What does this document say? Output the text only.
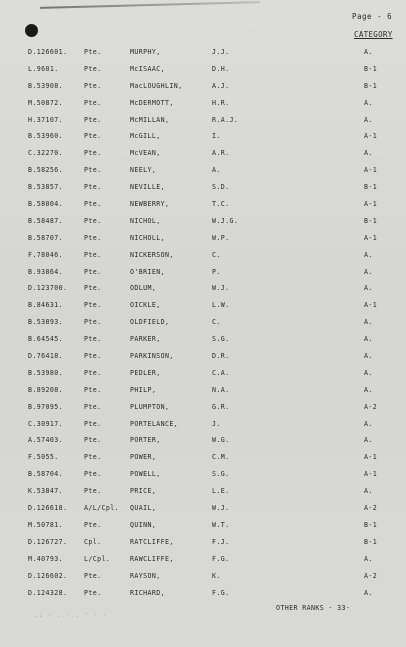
Page - 6
CATEGORY
D.126601.	Pte.	MURPHY,	J.J.	A.
L.9601.	Pte.	McISAAC,	D.H.	B-1
B.53908.	Pte.	MacLOUGHLIN,	A.J.	B-1
M.50872.	Pte.	McDERMOTT,	H.R.	A.
H.37107.	Pte.	McMILLAN,	R.A.J.	A.
B.53960.	Pte.	McGILL,	I.	A-1
C.32270.	Pte.	McVEAN,	A.R.	A.
B.58256.	Pte.	NEELY,	A.	A-1
B.53857.	Pte.	NEVILLE,	S.D.	B-1
B.58004.	Pte.	NEWBERRY,	T.C.	A-1
B.58487.	Pte.	NICHOL,	W.J.G.	B-1
B.58707.	Pte.	NICHOLL,	W.P.	A-1
F.78046.	Pte.	NICKERSON,	C.	A.
B.93864.	Pte.	O'BRIEN,	P.	A.
D.123700.	Pte.	ODLUM,	W.J.	A.
B.84631.	Pte.	OICKLE,	L.W.	A-1
B.53893.	Pte.	OLDFIELD,	C.	A.
B.64545.	Pte.	PARKER,	S.G.	A.
D.76418.	Pte.	PARKINSON,	D.R.	A.
B.53980.	Pte.	PEDLER,	C.A.	A.
B.89208.	Pte.	PHILP,	N.A.	A.
B.97095.	Pte.	PLUMPTON,	G.R.	A-2
C.30917.	Pte.	PORTELANCE,	J.	A.
A.57403.	Pte.	PORTER,	W.G.	A.
F.5055.	Pte.	POWER,	C.M.	A-1
B.58704.	Pte.	POWELL,	S.G.	A-1
K.53847.	Pte.	PRICE,	L.E.	A.
D.126618.	A/L/Cpl. QUAIL,	W.J.	A-2
M.50781.	Pte.	QUINN,	W.T.	B-1
D.126727.	Cpl.	RATCLIFFE,	F.J.	B-1
M.40793.	L/Cpl.	RAWCLIFFE,	F.G.	A.
D.126602.	Pte.	RAYSON,	K.	A-2
D.124328.	Pte.	RICHARD,	F.G.	A.
OTHER RANKS - 33-
.: · . · . ' · ·
